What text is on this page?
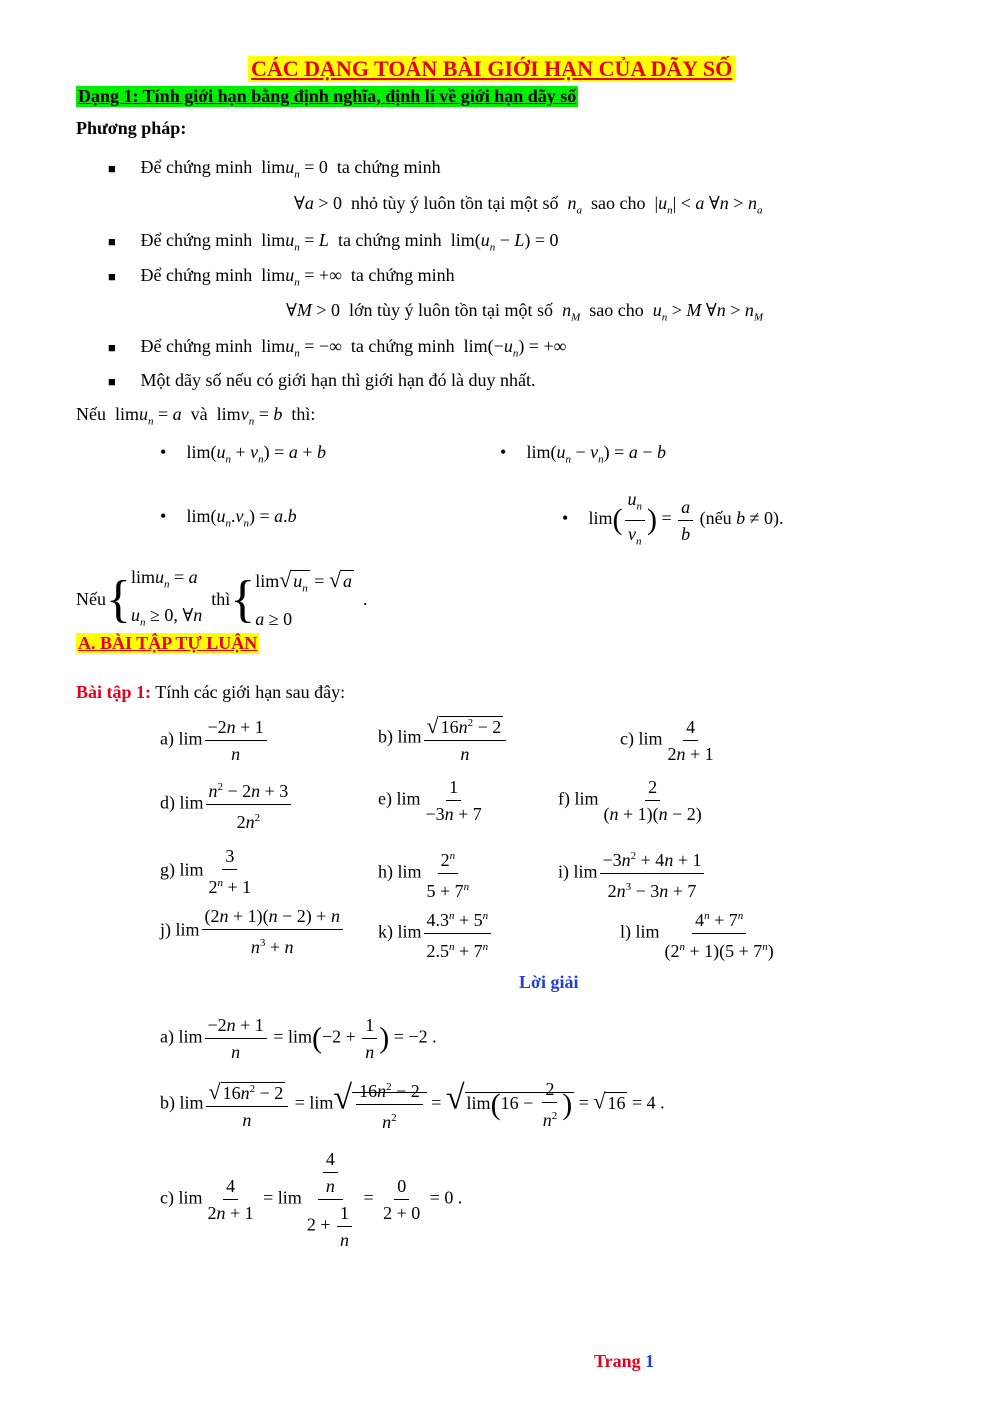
CÁC DẠNG TOÁN BÀI GIỚI HẠN CỦA DÃY SỐ
Dạng 1: Tính giới hạn bằng định nghĩa, định lí về giới hạn dãy số
Phương pháp:
■ Để chứng minh  limu$_n$ = 0  ta chứng minh
∀a > 0  nhỏ tùy ý luôn tồn tại một số $n_a$ sao cho  $|u_n| < a$ ∀n > $n_a$
■ Để chứng minh  limu$_n$ = L ta chứng minh  $\lim(u_n - L) = 0$
■ Để chứng minh  limu$_n$ = +∞  ta chứng minh
∀M > 0  lớn tùy ý luôn tồn tại một số $n_M$ sao cho $u_n > M$ ∀n > $n_M$
■ Để chứng minh  limu$_n$ = −∞  ta chứng minh  $\lim(-u_n)$ = +∞
■ Một dãy số nếu có giới hạn thì giới hạn đó là duy nhất.
Nếu  limu$_n$ = a và  limv$_n$ = b thì:
• $\lim(u_n + v_n) = a + b$	• $\lim(u_n - v_n) = a - b$
• $\lim(u_n.v_n) = a.b$	• $\lim( \frac{u_n}{v_n}$ ) = $\frac{a}{b}$ (nếu b ≠ 0).
Nếu { limu$_n$ = a
$u_n \ge 0$, ∀n

thì { lim√ $u_n$ = √ a
a ≥ 0
.
A. BÀI TẬP TỰ LUẬN
Bài tập 1: Tính các giới hạn sau đây:
a) $\lim \frac{-2n + 1}{n}$	b) $\lim \frac{√ 16n^2 - 2}{n}$	c) $\lim \frac{4}{2n + 1}$
d) $\lim \frac{n^2 - 2n + 3}{2n^2}$	e) $\lim \frac{1}{-3n + 7}$	f) $\lim \frac{2}{(n + 1)(n - 2)}$
g) $\lim \frac{3}{2^n + 1}$	h) $\lim \frac{2^n}{5 + 7^n}$	i) $\lim \frac{-3n^2 + 4n + 1}{2n^3 - 3n + 7}$
j) $\lim \frac{(2n + 1)(n - 2) + n}{n^3 + n} k$) $\lim \frac{4.3^n + 5^n}{2.5^n + 7^n}$	l) $\lim \frac{4^n + 7^n}{(2^n + 1)(5 + 7^n)}$
Lời giải
a) $\lim \frac{-2n + 1}{n} = \lim(-2 + \frac{1}{n}$ ) = −2 .
b) $\lim \frac{√ 16n^2 - 2}{n} = \lim√ \frac{16n^2 - 2}{n^2}$ = √ $\lim(16 - \frac{2}{n^2}$ ) = √ 16 = 4 .
c) $\lim \frac{4}{2n + 1} = \lim \frac{\frac{4}{n}}{2 + \frac{1}{n}} = \frac{0}{2 + 0} = 0$ .
Trang 1
